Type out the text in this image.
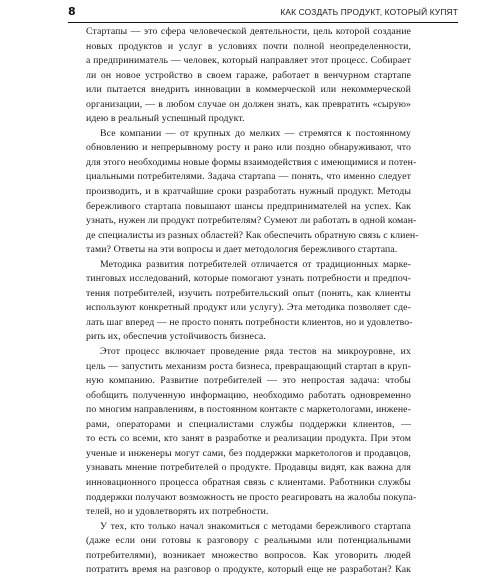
8	КАК СОЗДАТЬ ПРОДУКТ, КОТОРЫЙ КУПЯТ
Стартапы — это сфера человеческой деятельности, цель которой создание
новых продуктов и услуг в условиях почти полной неопределенности,
а предприниматель — человек, который направляет этот процесс. Собирает
ли он новое устройство в своем гараже, работает в венчурном стартапе
или пытается внедрить инновации в коммерческой или некоммерческой
организации, — в любом случае он должен знать, как превратить «сырую»
идею в реальный успешный продукт.
Все компании — от крупных до мелких — стремятся к постоянному
обновлению и непрерывному росту и рано или поздно обнаруживают, что
для этого необходимы новые формы взаимодействия с имеющимися и потен-
циальными потребителями. Задача стартапа — понять, что именно следует
производить, и в кратчайшие сроки разработать нужный продукт. Методы
бережливого стартапа повышают шансы предпринимателей на успех. Как
узнать, нужен ли продукт потребителям? Сумеют ли работать в одной коман-
де специалисты из разных областей? Как обеспечить обратную связь с клиен-
тами? Ответы на эти вопросы и дает методология бережливого стартапа.
Методика развития потребителей отличается от традиционных марке-
тинговых исследований, которые помогают узнать потребности и предпоч-
тения потребителей, изучить потребительский опыт (понять, как клиенты
используют конкретный продукт или услугу). Эта методика позволяет сде-
лать шаг вперед — не просто понять потребности клиентов, но и удовлетво-
рить их, обеспечив устойчивость бизнеса.
Этот процесс включает проведение ряда тестов на микроуровне, их
цель — запустить механизм роста бизнеса, превращающий стартап в круп-
ную компанию. Развитие потребителей — это непростая задача: чтобы
обобщить полученную информацию, необходимо работать одновременно
по многим направлениям, в постоянном контакте с маркетологами, инжене-
рами, операторами и специалистами службы поддержки клиентов, —
то есть со всеми, кто занят в разработке и реализации продукта. При этом
ученые и инженеры могут сами, без поддержки маркетологов и продавцов,
узнавать мнение потребителей о продукте. Продавцы видят, как важна для
инновационного процесса обратная связь с клиентами. Работники службы
поддержки получают возможность не просто реагировать на жалобы покупа-
телей, но и удовлетворять их потребности.
У тех, кто только начал знакомиться с методами бережливого стартапа
(даже если они готовы к разговору с реальными или потенциальными
потребителями), возникает множество вопросов. Как уговорить людей
потратить время на разговор о продукте, который еще не разработан? Как
